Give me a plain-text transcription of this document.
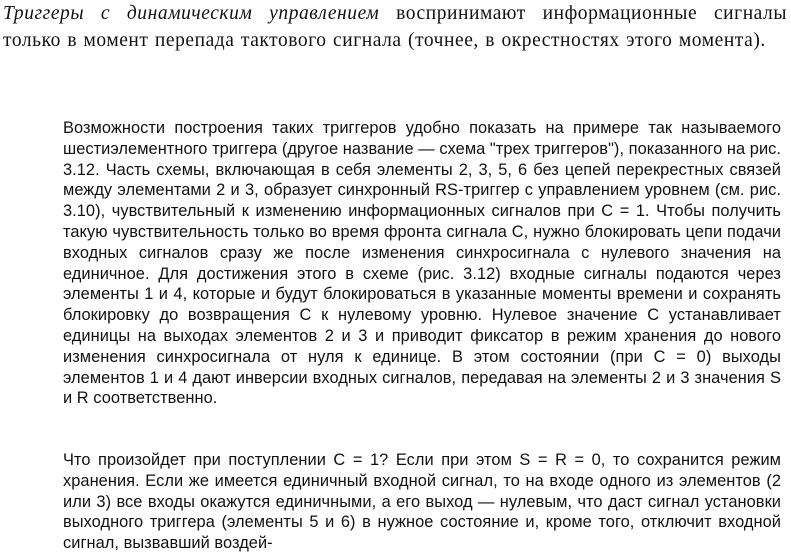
Триггеры с динамическим управлением воспринимают информационные сигналы только в момент перепада тактового сигнала (точнее, в окрестностях этого момента).

Возможности построения таких триггеров удобно показать на примере так называемого шестиэлементного триггера (другое название — схема "трех триггеров"), показанного на рис. 3.12. Часть схемы, включающая в себя элементы 2, 3, 5, 6 без цепей перекрестных связей между элементами 2 и 3, образует синхронный RS-триггер с управлением уровнем (см. рис. 3.10), чувствительный к изменению информационных сигналов при C = 1. Чтобы получить такую чувствительность только во время фронта сигнала C, нужно блокировать цепи подачи входных сигналов сразу же после изменения синхросигнала с нулевого значения на единичное. Для достижения этого в схеме (рис. 3.12) входные сигналы подаются через элементы 1 и 4, которые и будут блокироваться в указанные моменты времени и сохранять блокировку до возвращения C к нулевому уровню. Нулевое значение C устанавливает единицы на выходах элементов 2 и 3 и приводит фиксатор в режим хранения до нового изменения синхросигнала от нуля к единице. В этом состоянии (при C = 0) выходы элементов 1 и 4 дают инверсии входных сигналов, передавая на элементы 2 и 3 значения S и R соответственно.

Что произойдет при поступлении C = 1? Если при этом S = R = 0, то сохранится режим хранения. Если же имеется единичный входной сигнал, то на входе одного из элементов (2 или 3) все входы окажутся единичными, а его выход — нулевым, что даст сигнал установки выходного триггера (элементы 5 и 6) в нужное состояние и, кроме того, отключит входной сигнал, вызвавший воздей-
